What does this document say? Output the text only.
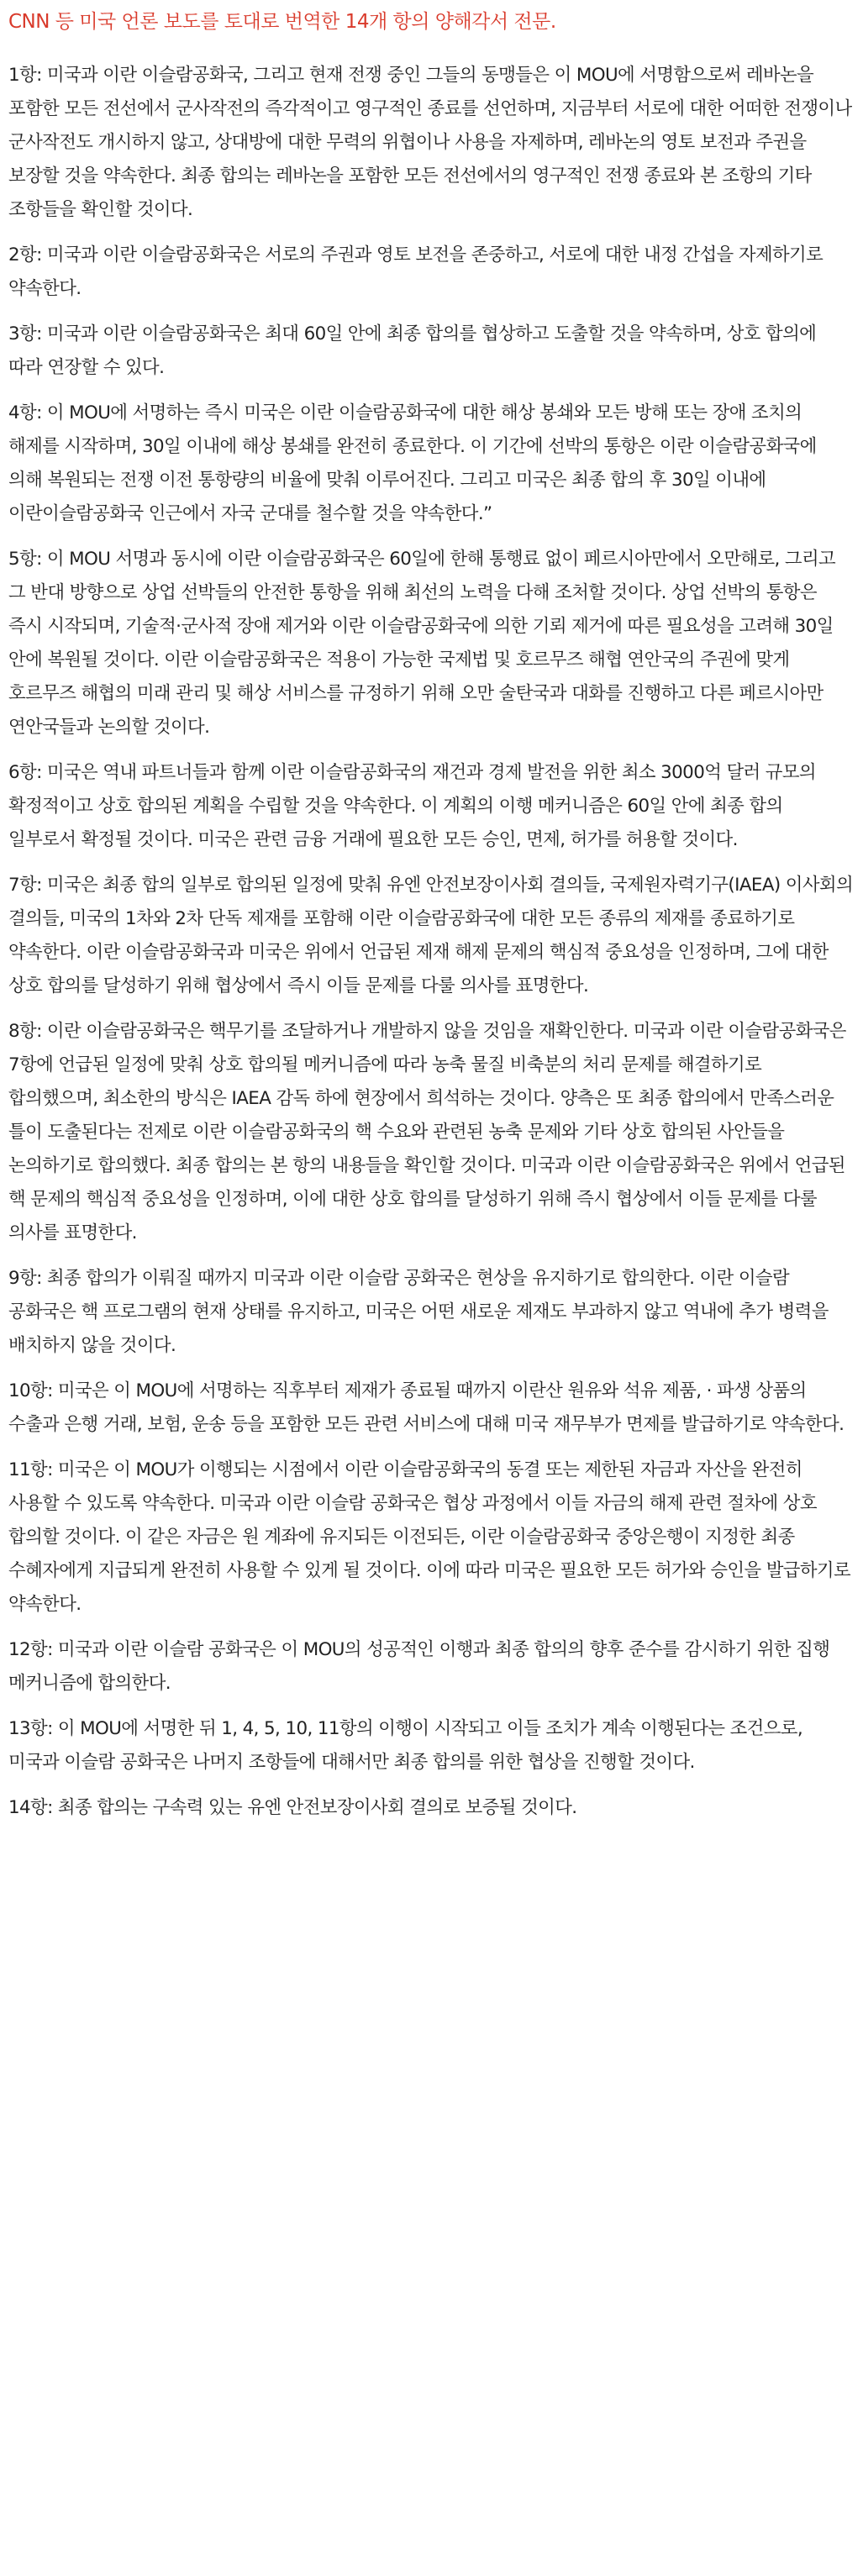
CNN 등 미국 언론 보도를 토대로 번역한 14개 항의 양해각서 전문.

1항: 미국과 이란 이슬람공화국, 그리고 현재 전쟁 중인 그들의 동맹들은 이 MOU에 서명함으로써 레바논을 포함한 모든 전선에서 군사작전의 즉각적이고 영구적인 종료를 선언하며, 지금부터 서로에 대한 어떠한 전쟁이나 군사작전도 개시하지 않고, 상대방에 대한 무력의 위협이나 사용을 자제하며, 레바논의 영토 보전과 주권을 보장할 것을 약속한다. 최종 합의는 레바논을 포함한 모든 전선에서의 영구적인 전쟁 종료와 본 조항의 기타 조항들을 확인할 것이다.

2항: 미국과 이란 이슬람공화국은 서로의 주권과 영토 보전을 존중하고, 서로에 대한 내정 간섭을 자제하기로 약속한다.

3항: 미국과 이란 이슬람공화국은 최대 60일 안에 최종 합의를 협상하고 도출할 것을 약속하며, 상호 합의에 따라 연장할 수 있다.

4항: 이 MOU에 서명하는 즉시 미국은 이란 이슬람공화국에 대한 해상 봉쇄와 모든 방해 또는 장애 조치의 해제를 시작하며, 30일 이내에 해상 봉쇄를 완전히 종료한다. 이 기간에 선박의 통항은 이란 이슬람공화국에 의해 복원되는 전쟁 이전 통항량의 비율에 맞춰 이루어진다. 그리고 미국은 최종 합의 후 30일 이내에 이란이슬람공화국 인근에서 자국 군대를 철수할 것을 약속한다.”

5항: 이 MOU 서명과 동시에 이란 이슬람공화국은 60일에 한해 통행료 없이 페르시아만에서 오만해로, 그리고 그 반대 방향으로 상업 선박들의 안전한 통항을 위해 최선의 노력을 다해 조처할 것이다. 상업 선박의 통항은 즉시 시작되며, 기술적·군사적 장애 제거와 이란 이슬람공화국에 의한 기뢰 제거에 따른 필요성을 고려해 30일 안에 복원될 것이다. 이란 이슬람공화국은 적용이 가능한 국제법 및 호르무즈 해협 연안국의 주권에 맞게 호르무즈 해협의 미래 관리 및 해상 서비스를 규정하기 위해 오만 술탄국과 대화를 진행하고 다른 페르시아만 연안국들과 논의할 것이다.

6항: 미국은 역내 파트너들과 함께 이란 이슬람공화국의 재건과 경제 발전을 위한 최소 3000억 달러 규모의 확정적이고 상호 합의된 계획을 수립할 것을 약속한다. 이 계획의 이행 메커니즘은 60일 안에 최종 합의 일부로서 확정될 것이다. 미국은 관련 금융 거래에 필요한 모든 승인, 면제, 허가를 허용할 것이다.

7항: 미국은 최종 합의 일부로 합의된 일정에 맞춰 유엔 안전보장이사회 결의들, 국제원자력기구(IAEA) 이사회의 결의들, 미국의 1차와 2차 단독 제재를 포함해 이란 이슬람공화국에 대한 모든 종류의 제재를 종료하기로 약속한다. 이란 이슬람공화국과 미국은 위에서 언급된 제재 해제 문제의 핵심적 중요성을 인정하며, 그에 대한 상호 합의를 달성하기 위해 협상에서 즉시 이들 문제를 다룰 의사를 표명한다.

8항: 이란 이슬람공화국은 핵무기를 조달하거나 개발하지 않을 것임을 재확인한다. 미국과 이란 이슬람공화국은 7항에 언급된 일정에 맞춰 상호 합의될 메커니즘에 따라 농축 물질 비축분의 처리 문제를 해결하기로 합의했으며, 최소한의 방식은 IAEA 감독 하에 현장에서 희석하는 것이다. 양측은 또 최종 합의에서 만족스러운 틀이 도출된다는 전제로 이란 이슬람공화국의 핵 수요와 관련된 농축 문제와 기타 상호 합의된 사안들을 논의하기로 합의했다. 최종 합의는 본 항의 내용들을 확인할 것이다. 미국과 이란 이슬람공화국은 위에서 언급된 핵 문제의 핵심적 중요성을 인정하며, 이에 대한 상호 합의를 달성하기 위해 즉시 협상에서 이들 문제를 다룰 의사를 표명한다.

9항: 최종 합의가 이뤄질 때까지 미국과 이란 이슬람 공화국은 현상을 유지하기로 합의한다. 이란 이슬람 공화국은 핵 프로그램의 현재 상태를 유지하고, 미국은 어떤 새로운 제재도 부과하지 않고 역내에 추가 병력을 배치하지 않을 것이다.

10항: 미국은 이 MOU에 서명하는 직후부터 제재가 종료될 때까지 이란산 원유와 석유 제품, · 파생 상품의 수출과 은행 거래, 보험, 운송 등을 포함한 모든 관련 서비스에 대해 미국 재무부가 면제를 발급하기로 약속한다.

11항: 미국은 이 MOU가 이행되는 시점에서 이란 이슬람공화국의 동결 또는 제한된 자금과 자산을 완전히 사용할 수 있도록 약속한다. 미국과 이란 이슬람 공화국은 협상 과정에서 이들 자금의 해제 관련 절차에 상호 합의할 것이다. 이 같은 자금은 원 계좌에 유지되든 이전되든, 이란 이슬람공화국 중앙은행이 지정한 최종 수혜자에게 지급되게 완전히 사용할 수 있게 될 것이다. 이에 따라 미국은 필요한 모든 허가와 승인을 발급하기로 약속한다.

12항: 미국과 이란 이슬람 공화국은 이 MOU의 성공적인 이행과 최종 합의의 향후 준수를 감시하기 위한 집행 메커니즘에 합의한다.

13항: 이 MOU에 서명한 뒤 1, 4, 5, 10, 11항의 이행이 시작되고 이들 조치가 계속 이행된다는 조건으로, 미국과 이슬람 공화국은 나머지 조항들에 대해서만 최종 합의를 위한 협상을 진행할 것이다.

14항: 최종 합의는 구속력 있는 유엔 안전보장이사회 결의로 보증될 것이다.
